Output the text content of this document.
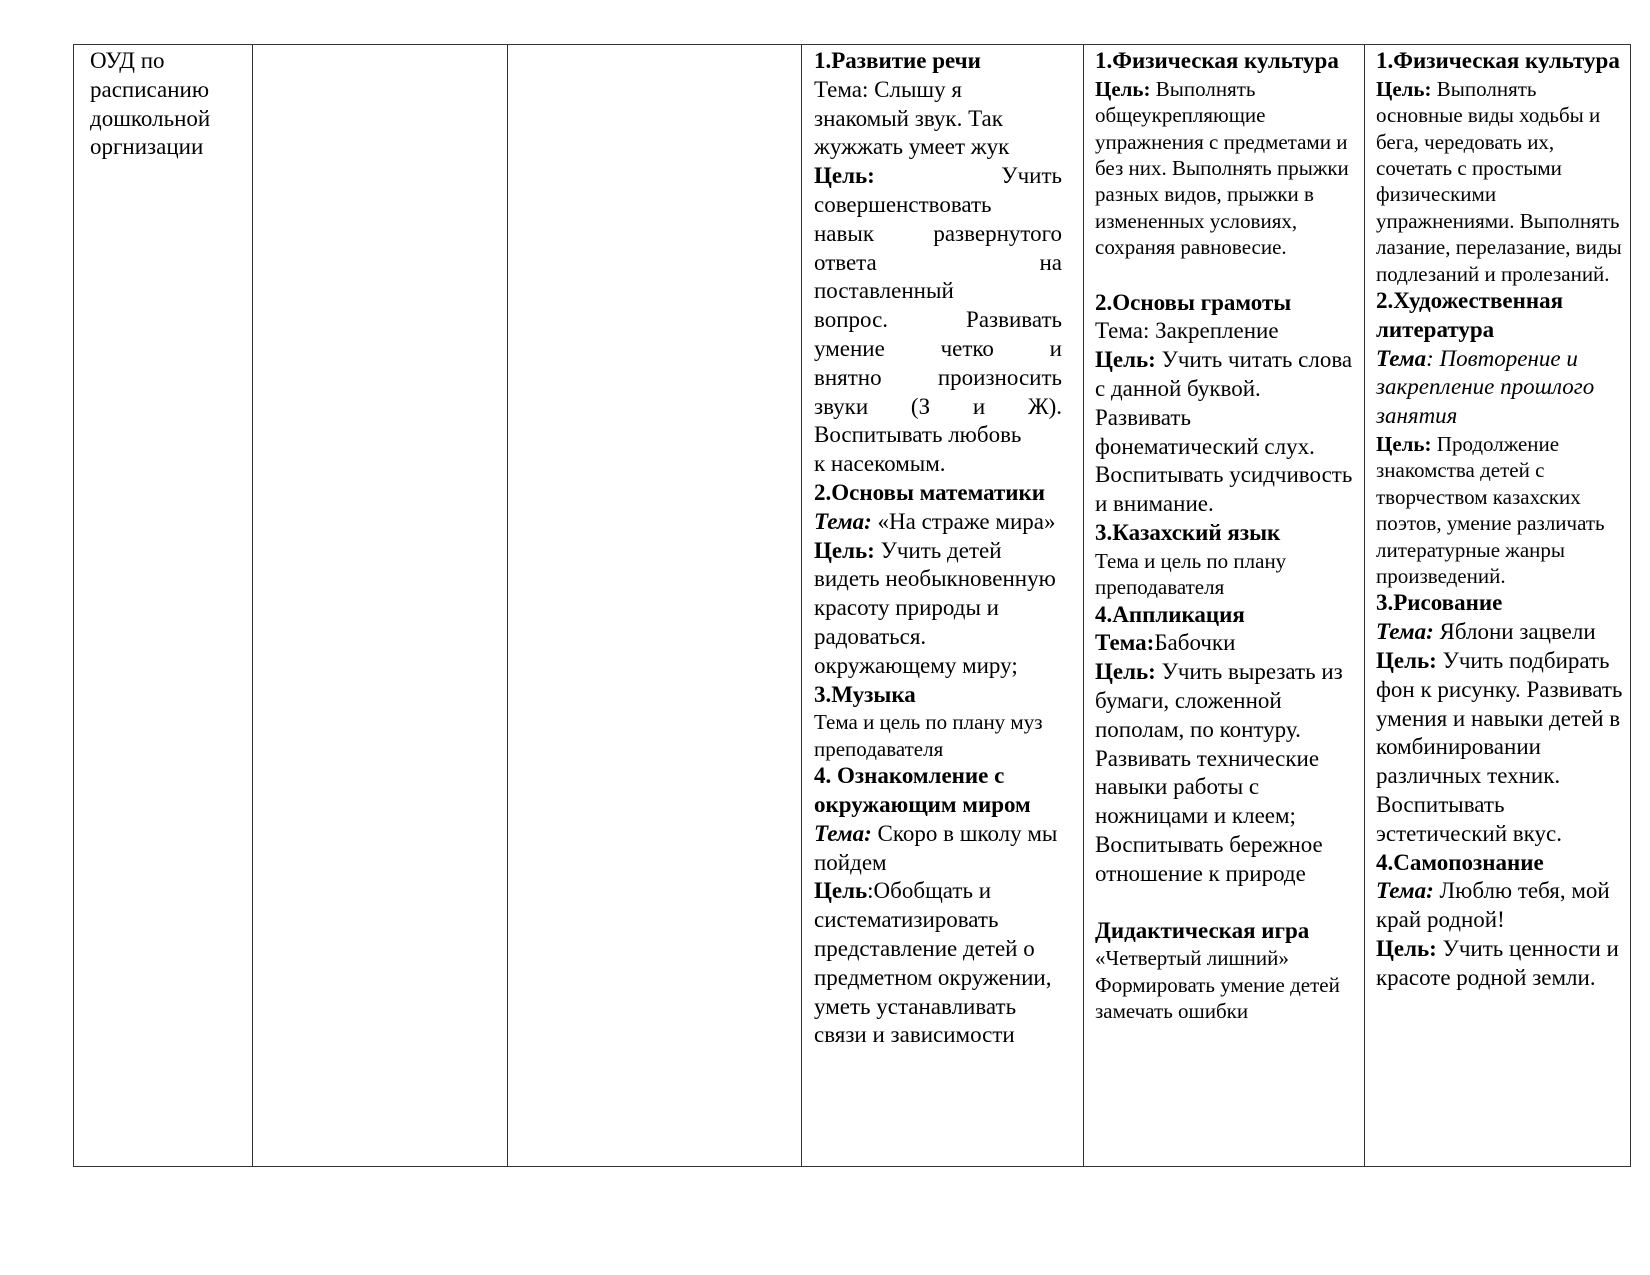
ОУД по расписанию дошкольной оргнизации

1.Развитие речи

Тема: Слышу я знакомый звук. Так жужжать умеет жук

Цель:	Учить

совершенствовать

навык развернутого

ответа на

поставленный

вопрос. Развивать

умение четко и

внятно произносить

звуки (З и Ж).

Воспитывать любовь

к насекомым.

2.Основы математики

Тема: «На страже мира»

Цель: Учить детей видеть необыкновенную красоту природы и радоваться. окружающему миру;

3.Музыка

Тема и цель по плану муз преподавателя

4. Ознакомление с окружающим миром

Тема: Скоро в школу мы пойдем

Цель:Обобщать и систематизировать представление детей о предметном окружении, уметь устанавливать связи и зависимости

1.Физическая культура

Цель: Выполнять общеукрепляющие упражнения с предметами и без них. Выполнять прыжки разных видов, прыжки в измененных условиях, сохраняя равновесие.

2.Основы грамоты

Тема: Закрепление

Цель: Учить читать слова с данной буквой. Развивать фонематический слух. Воспитывать усидчивость и внимание.

3.Казахский язык

Тема и цель по плану преподавателя

4.Аппликация

Тема:Бабочки

Цель: Учить вырезать из бумаги, сложенной пополам, по контуру. Развивать технические навыки работы с ножницами и клеем; Воспитывать бережное отношение к природе

Дидактическая игра

«Четвертый лишний» Формировать умение детей замечать ошибки

1.Физическая культура

Цель: Выполнять основные виды ходьбы и бега, чередовать их, сочетать с простыми физическими упражнениями. Выполнять лазание, перелазание, виды подлезаний и пролезаний.

2.Художественная литература

Тема: Повторение и закрепление прошлого занятия

Цель: Продолжение знакомства детей с творчеством казахских поэтов, умение различать литературные жанры произведений.

3.Рисование

Тема: Яблони зацвели

Цель: Учить подбирать фон к рисунку. Развивать умения и навыки детей в комбинировании различных техник. Воспитывать эстетический вкус.

4.Самопознание

Тема: Люблю тебя, мой край родной!

Цель: Учить ценности и красоте родной земли.
